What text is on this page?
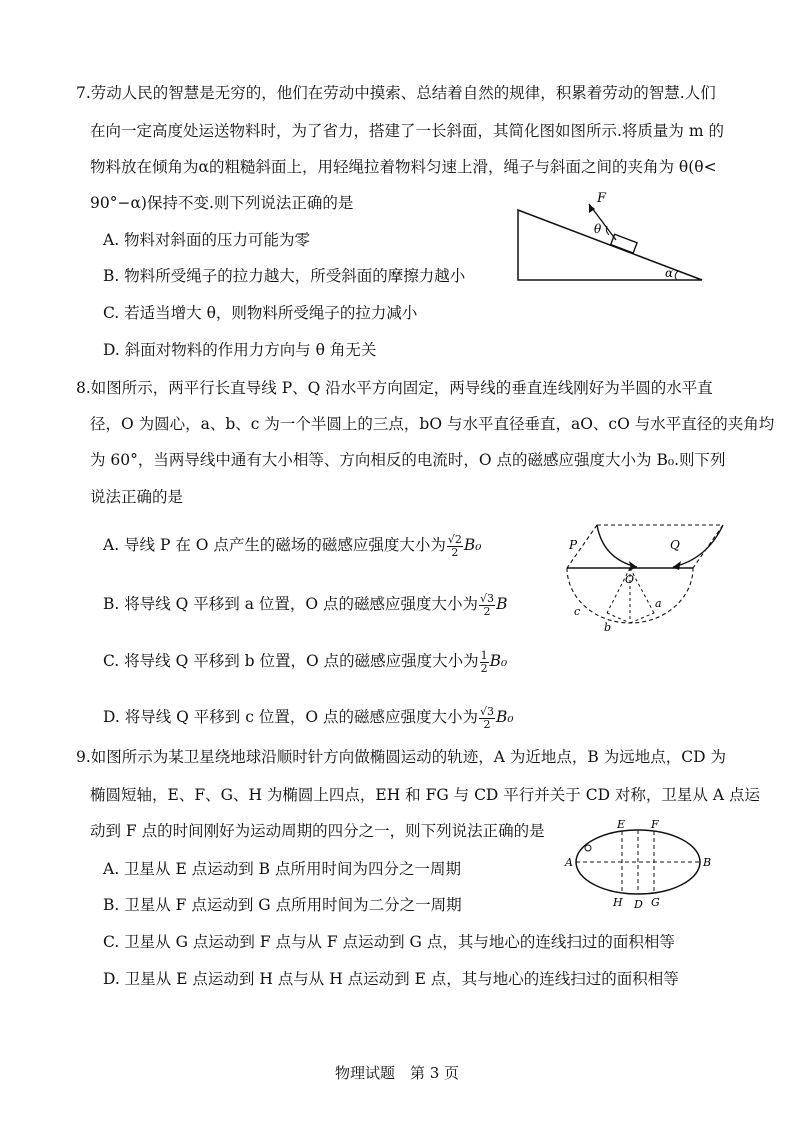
7.劳动人民的智慧是无穷的，他们在劳动中摸索、总结着自然的规律，积累着劳动的智慧.人们
在向一定高度处运送物料时，为了省力，搭建了一长斜面，其简化图如图所示.将质量为 m 的
物料放在倾角为α的粗糙斜面上，用轻绳拉着物料匀速上滑，绳子与斜面之间的夹角为 θ(θ<
90°−α)保持不变.则下列说法正确的是
A. 物料对斜面的压力可能为零
B. 物料所受绳子的拉力越大，所受斜面的摩擦力越小
C. 若适当增大 θ，则物料所受绳子的拉力减小
D. 斜面对物料的作用力方向与 θ 角无关
F
θ
α
8.如图所示，两平行长直导线 P、Q 沿水平方向固定，两导线的垂直连线刚好为半圆的水平直
径，O 为圆心，a、b、c 为一个半圆上的三点，bO 与水平直径垂直，aO、cO 与水平直径的夹角均
为 60°，当两导线中通有大小相等、方向相反的电流时，O 点的磁感应强度大小为 B₀.则下列
说法正确的是
A. 导线 P 在 O 点产生的磁场的磁感应强度大小为 $\frac{√2}{2} B_0$
B. 将导线 Q 平移到 a 位置，O 点的磁感应强度大小为 $\frac{√3}{2}$ B
C. 将导线 Q 平移到 b 位置，O 点的磁感应强度大小为 $\frac{1}{2} B_0$
D. 将导线 Q 平移到 c 位置，O 点的磁感应强度大小为 $\frac{√3}{2} B_0$
P	Q
O
a
b
c
9.如图所示为某卫星绕地球沿顺时针方向做椭圆运动的轨迹，A 为近地点，B 为远地点，CD 为
椭圆短轴，E、F、G、H 为椭圆上四点，EH 和 FG 与 CD 平行并关于 CD 对称，卫星从 A 点运
动到 F 点的时间刚好为运动周期的四分之一，则下列说法正确的是
A. 卫星从 E 点运动到 B 点所用时间为四分之一周期
B. 卫星从 F 点运动到 G 点所用时间为二分之一周期
C. 卫星从 G 点运动到 F 点与从 F 点运动到 G 点，其与地心的连线扫过的面积相等
D. 卫星从 E 点运动到 H 点与从 H 点运动到 E 点，其与地心的连线扫过的面积相等
A	B
E F
H D G
物理试题　第 3 页
